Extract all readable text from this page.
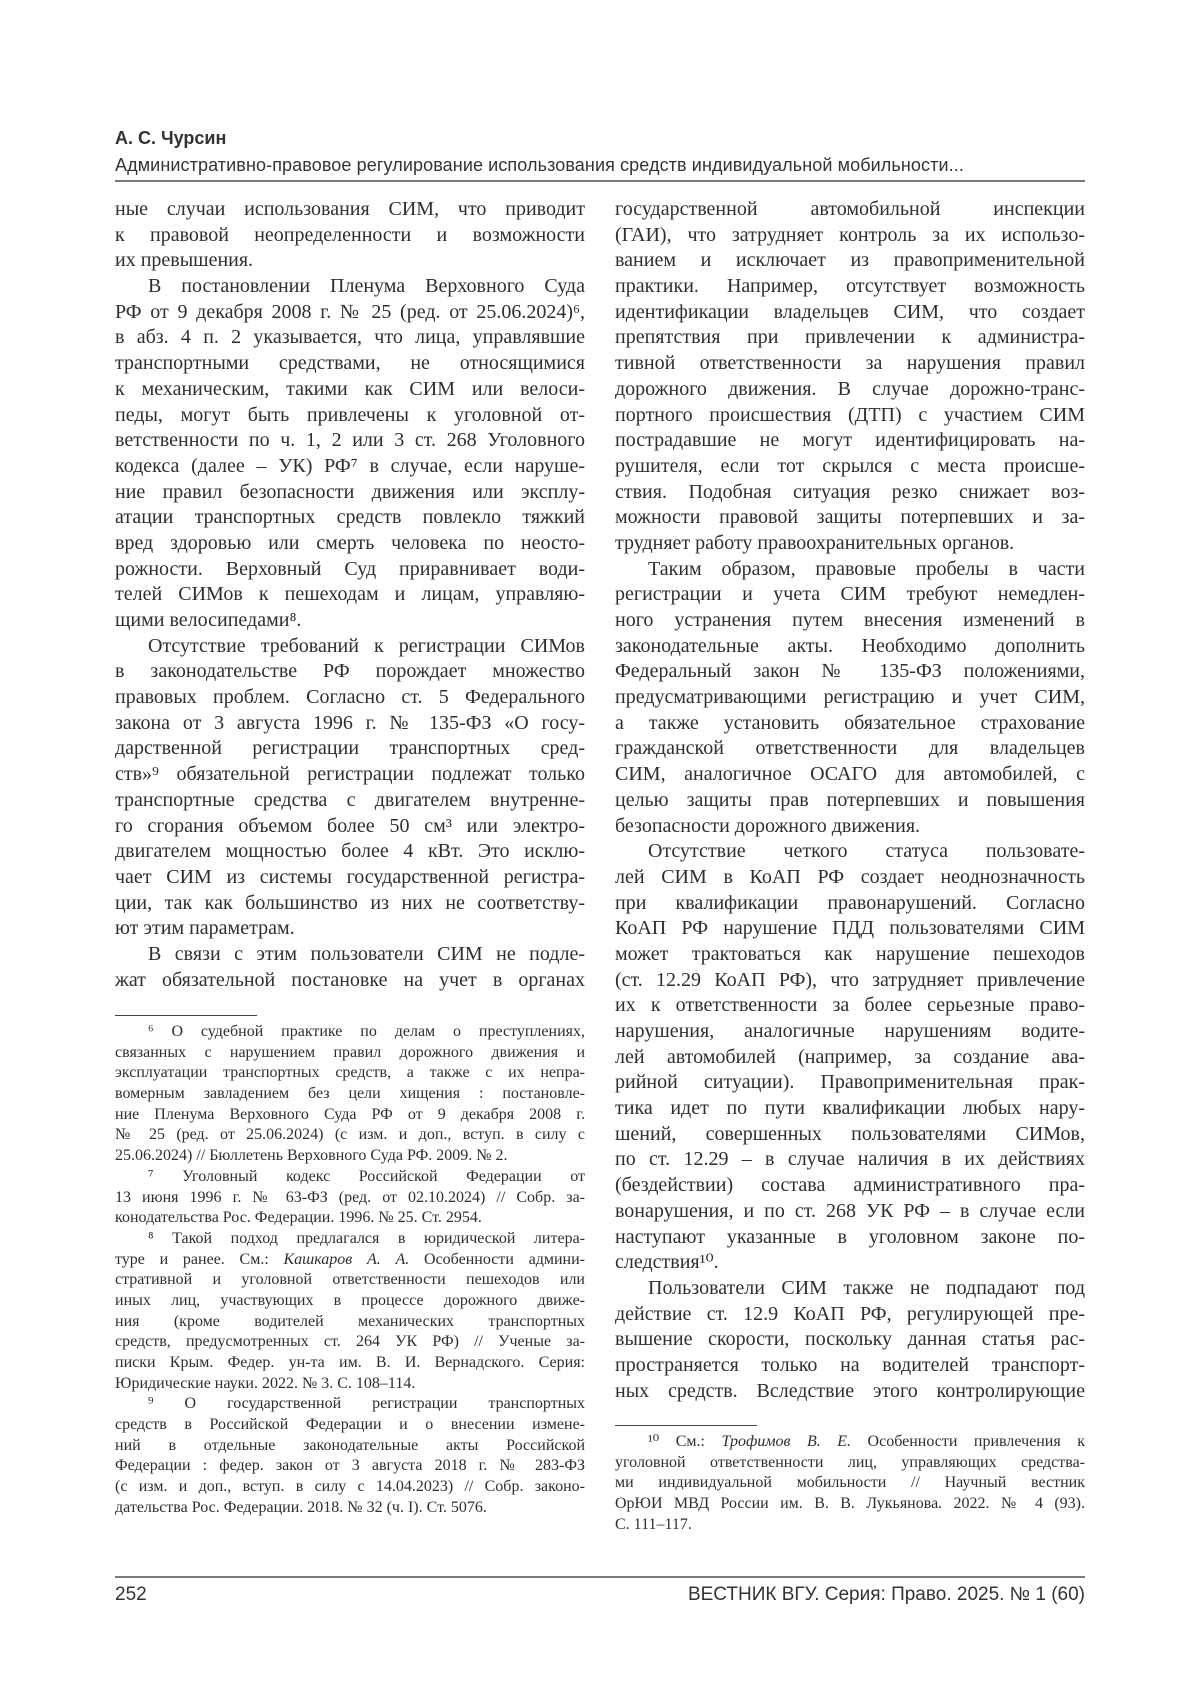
А. С. Чурсин
Административно-правовое регулирование использования средств индивидуальной мобильности...
ные случаи использования СИМ, что приводит
к правовой неопределенности и возможности
их превышения.
В постановлении Пленума Верховного Суда
РФ от 9 декабря 2008 г. № 25 (ред. от 25.06.2024)⁶,
в абз. 4 п. 2 указывается, что лица, управлявшие
транспортными средствами, не относящимися
к механическим, такими как СИМ или велоси-
педы, могут быть привлечены к уголовной от-
ветственности по ч. 1, 2 или 3 ст. 268 Уголовного
кодекса (далее – УК) РФ⁷ в случае, если наруше-
ние правил безопасности движения или эксплу-
атации транспортных средств повлекло тяжкий
вред здоровью или смерть человека по неосто-
рожности. Верховный Суд приравнивает води-
телей СИМов к пешеходам и лицам, управляю-
щими велосипедами⁸.
Отсутствие требований к регистрации СИМов
в законодательстве РФ порождает множество
правовых проблем. Согласно ст. 5 Федерального
закона от 3 августа 1996 г. № 135-ФЗ «О госу-
дарственной регистрации транспортных сред-
ств»⁹ обязательной регистрации подлежат только
транспортные средства с двигателем внутренне-
го сгорания объемом более 50 см³ или электро-
двигателем мощностью более 4 кВт. Это исклю-
чает СИМ из системы государственной регистра-
ции, так как большинство из них не соответству-
ют этим параметрам.
В связи с этим пользователи СИМ не подле-
жат обязательной постановке на учет в органах
⁶ О судебной практике по делам о преступлениях,
связанных с нарушением правил дорожного движения и
эксплуатации транспортных средств, а также с их непра-
вомерным завладением без цели хищения : постановле-
ние Пленума Верховного Суда РФ от 9 декабря 2008 г.
№ 25 (ред. от 25.06.2024) (с изм. и доп., вступ. в силу с
25.06.2024) // Бюллетень Верховного Суда РФ. 2009. № 2.
⁷ Уголовный кодекс Российской Федерации от
13 июня 1996 г. № 63-ФЗ (ред. от 02.10.2024) // Собр. за-
конодательства Рос. Федерации. 1996. № 25. Ст. 2954.
⁸ Такой подход предлагался в юридической литера-
туре и ранее. См.: Кашкаров А. А. Особенности админи-
стративной и уголовной ответственности пешеходов или
иных лиц, участвующих в процессе дорожного движе-
ния (кроме водителей механических транспортных
средств, предусмотренных ст. 264 УК РФ) // Ученые за-
писки Крым. Федер. ун-та им. В. И. Вернадского. Серия:
Юридические науки. 2022. № 3. С. 108–114.
⁹ О государственной регистрации транспортных
средств в Российской Федерации и о внесении измене-
ний в отдельные законодательные акты Российской
Федерации : федер. закон от 3 августа 2018 г. № 283-ФЗ
(с изм. и доп., вступ. в силу с 14.04.2023) // Собр. законо-
дательства Рос. Федерации. 2018. № 32 (ч. I). Ст. 5076.
государственной автомобильной инспекции
(ГАИ), что затрудняет контроль за их использо-
ванием и исключает из правоприменительной
практики. Например, отсутствует возможность
идентификации владельцев СИМ, что создает
препятствия при привлечении к администра-
тивной ответственности за нарушения правил
дорожного движения. В случае дорожно-транс-
портного происшествия (ДТП) с участием СИМ
пострадавшие не могут идентифицировать на-
рушителя, если тот скрылся с места происше-
ствия. Подобная ситуация резко снижает воз-
можности правовой защиты потерпевших и за-
трудняет работу правоохранительных органов.
Таким образом, правовые пробелы в части
регистрации и учета СИМ требуют немедлен-
ного устранения путем внесения изменений в
законодательные акты. Необходимо дополнить
Федеральный закон № 135-ФЗ положениями,
предусматривающими регистрацию и учет СИМ,
а также установить обязательное страхование
гражданской ответственности для владельцев
СИМ, аналогичное ОСАГО для автомобилей, с
целью защиты прав потерпевших и повышения
безопасности дорожного движения.
Отсутствие четкого статуса пользовате-
лей СИМ в КоАП РФ создает неоднозначность
при квалификации правонарушений. Согласно
КоАП РФ нарушение ПДД пользователями СИМ
может трактоваться как нарушение пешеходов
(ст. 12.29 КоАП РФ), что затрудняет привлечение
их к ответственности за более серьезные право-
нарушения, аналогичные нарушениям водите-
лей автомобилей (например, за создание ава-
рийной ситуации). Правоприменительная прак-
тика идет по пути квалификации любых нару-
шений, совершенных пользователями СИМов,
по ст. 12.29 – в случае наличия в их действиях
(бездействии) состава административного пра-
вонарушения, и по ст. 268 УК РФ – в случае если
наступают указанные в уголовном законе по-
следствия¹⁰.
Пользователи СИМ также не подпадают под
действие ст. 12.9 КоАП РФ, регулирующей пре-
вышение скорости, поскольку данная статья рас-
пространяется только на водителей транспорт-
ных средств. Вследствие этого контролирующие
¹⁰ См.: Трофимов В. Е. Особенности привлечения к
уголовной ответственности лиц, управляющих средства-
ми индивидуальной мобильности // Научный вестник
ОрЮИ МВД России им. В. В. Лукьянова. 2022. № 4 (93).
С. 111–117.
252	ВЕСТНИК ВГУ. Серия: Право. 2025. № 1 (60)
